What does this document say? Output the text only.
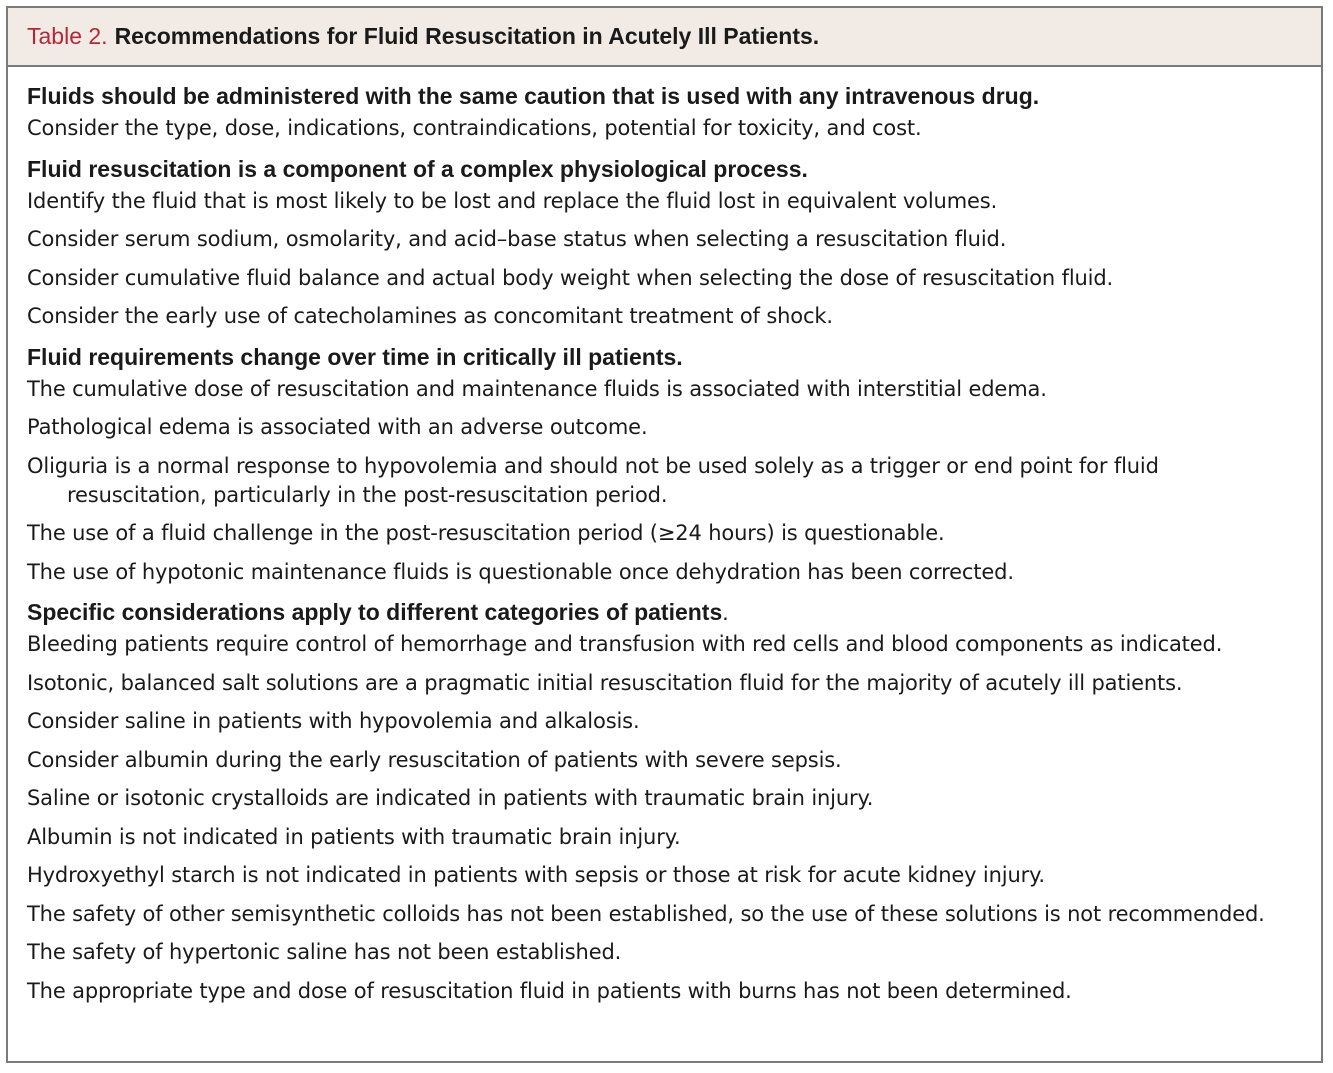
Table 2. Recommendations for Fluid Resuscitation in Acutely Ill Patients.
Fluids should be administered with the same caution that is used with any intravenous drug.
Consider the type, dose, indications, contraindications, potential for toxicity, and cost.
Fluid resuscitation is a component of a complex physiological process.
Identify the fluid that is most likely to be lost and replace the fluid lost in equivalent volumes.
Consider serum sodium, osmolarity, and acid–base status when selecting a resuscitation fluid.
Consider cumulative fluid balance and actual body weight when selecting the dose of resuscitation fluid.
Consider the early use of catecholamines as concomitant treatment of shock.
Fluid requirements change over time in critically ill patients.
The cumulative dose of resuscitation and maintenance fluids is associated with interstitial edema.
Pathological edema is associated with an adverse outcome.
Oliguria is a normal response to hypovolemia and should not be used solely as a trigger or end point for fluid resuscitation, particularly in the post-resuscitation period.
The use of a fluid challenge in the post-resuscitation period (≥24 hours) is questionable.
The use of hypotonic maintenance fluids is questionable once dehydration has been corrected.
Specific considerations apply to different categories of patients.
Bleeding patients require control of hemorrhage and transfusion with red cells and blood components as indicated.
Isotonic, balanced salt solutions are a pragmatic initial resuscitation fluid for the majority of acutely ill patients.
Consider saline in patients with hypovolemia and alkalosis.
Consider albumin during the early resuscitation of patients with severe sepsis.
Saline or isotonic crystalloids are indicated in patients with traumatic brain injury.
Albumin is not indicated in patients with traumatic brain injury.
Hydroxyethyl starch is not indicated in patients with sepsis or those at risk for acute kidney injury.
The safety of other semisynthetic colloids has not been established, so the use of these solutions is not recommended.
The safety of hypertonic saline has not been established.
The appropriate type and dose of resuscitation fluid in patients with burns has not been determined.
